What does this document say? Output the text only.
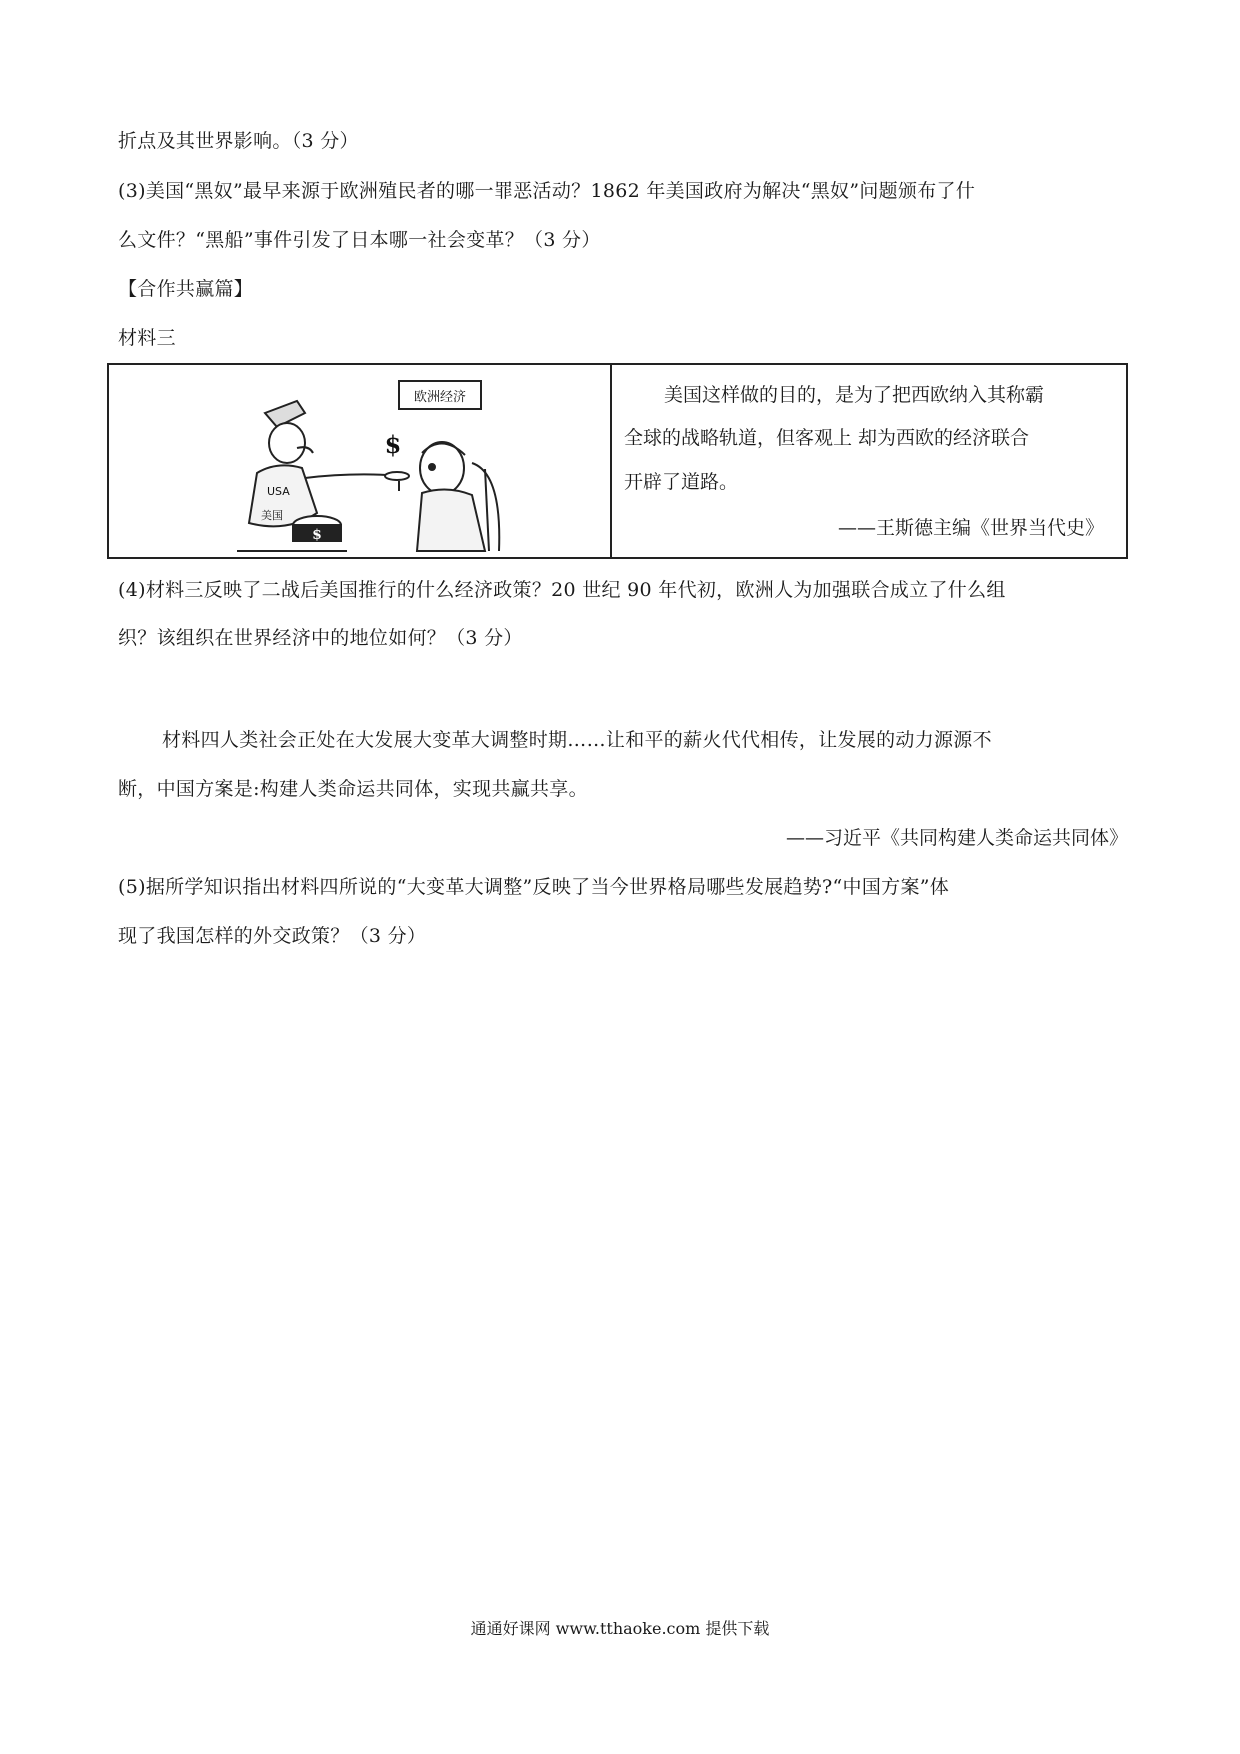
折点及其世界影响。（3 分）
(3)美国“黑奴”最早来源于欧洲殖民者的哪一罪恶活动？1862 年美国政府为解决“黑奴”问题颁布了什
么文件？“黑船”事件引发了日本哪一社会变革？（3 分）
【合作共赢篇】
材料三
欧洲经济
USA
美国
$
$
美国这样做的目的，是为了把西欧纳入其称霸
全球的战略轨道，但客观上 却为西欧的经济联合
开辟了道路。
——王斯德主编《世界当代史》
(4)材料三反映了二战后美国推行的什么经济政策？20 世纪 90 年代初，欧洲人为加强联合成立了什么组
织？该组织在世界经济中的地位如何？（3 分）
材料四人类社会正处在大发展大变革大调整时期……让和平的薪火代代相传，让发展的动力源源不
断，中国方案是:构建人类命运共同体，实现共赢共享。
——习近平《共同构建人类命运共同体》
(5)据所学知识指出材料四所说的“大变革大调整”反映了当今世界格局哪些发展趋势?“中国方案”体
现了我国怎样的外交政策？（3 分）
通通好课网 www.tthaoke.com 提供下载
